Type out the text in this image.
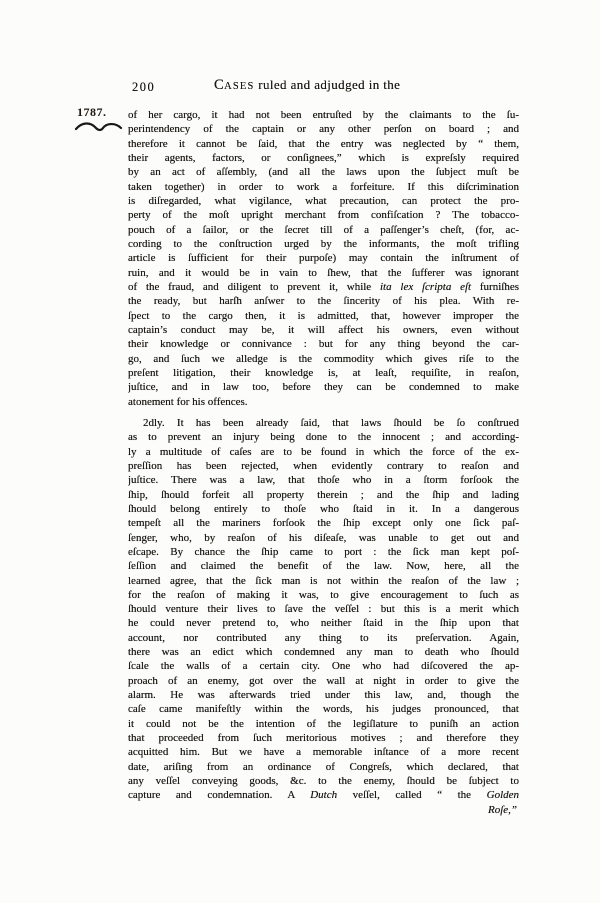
200	CASES ruled and adjudged in the
1787. of her cargo, it had not been entruſted by the claimants to the ſu-
perintendency of the captain or any other perſon on board ; and
therefore it cannot be ſaid, that the entry was neglected by “ them,
their agents, factors, or conſignees,” which is expreſsly required
by an act of aſſembly, (and all the laws upon the ſubject muſt be
taken together) in order to work a forfeiture. If this diſcrimination
is diſregarded, what vigilance, what precaution, can protect the pro-
perty of the moſt upright merchant from confiſcation ? The tobacco-
pouch of a ſailor, or the ſecret till of a paſſenger’s cheſt, (for, ac-
cording to the conſtruction urged by the informants, the moſt trifling
article is ſufficient for their purpoſe) may contain the inſtrument of
ruin, and it would be in vain to ſhew, that the ſufferer was ignorant
of the fraud, and diligent to prevent it, while ita lex ſcripta eſt furniſhes
the ready, but harſh anſwer to the ſincerity of his plea. With re-
ſpect to the cargo then, it is admitted, that, however improper the
captain’s conduct may be, it will affect his owners, even without
their knowledge or connivance : but for any thing beyond the car-
go, and ſuch we alledge is the commodity which gives riſe to the
preſent litigation, their knowledge is, at leaſt, requiſite, in reaſon,
juſtice, and in law too, before they can be condemned to make
atonement for his offences.
2dly. It has been already ſaid, that laws ſhould be ſo conſtrued
as to prevent an injury being done to the innocent ; and according-
ly a multitude of caſes are to be found in which the force of the ex-
preſſion has been rejected, when evidently contrary to reaſon and
juſtice. There was a law, that thoſe who in a ſtorm forſook the
ſhip, ſhould forfeit all property therein ; and the ſhip and lading
ſhould belong entirely to thoſe who ſtaid in it. In a dangerous
tempeſt all the mariners forſook the ſhip except only one ſick paſ-
ſenger, who, by reaſon of his diſeaſe, was unable to get out and
eſcape. By chance the ſhip came to port : the ſick man kept poſ-
ſeſſion and claimed the benefit of the law. Now, here, all the
learned agree, that the ſick man is not within the reaſon of the law ;
for the reaſon of making it was, to give encouragement to ſuch as
ſhould venture their lives to ſave the veſſel : but this is a merit which
he could never pretend to, who neither ſtaid in the ſhip upon that
account, nor contributed any thing to its preſervation. Again,
there was an edict which condemned any man to death who ſhould
ſcale the walls of a certain city. One who had diſcovered the ap-
proach of an enemy, got over the wall at night in order to give the
alarm. He was afterwards tried under this law, and, though the
caſe came manifeſtly within the words, his judges pronounced, that
it could not be the intention of the legiſlature to puniſh an action
that proceeded from ſuch meritorious motives ; and therefore they
acquitted him. But we have a memorable inſtance of a more recent
date, ariſing from an ordinance of Congreſs, which declared, that
any veſſel conveying goods, &c. to the enemy, ſhould be ſubject to
capture and condemnation. A Dutch veſſel, called “ the Golden
Roſe,”
